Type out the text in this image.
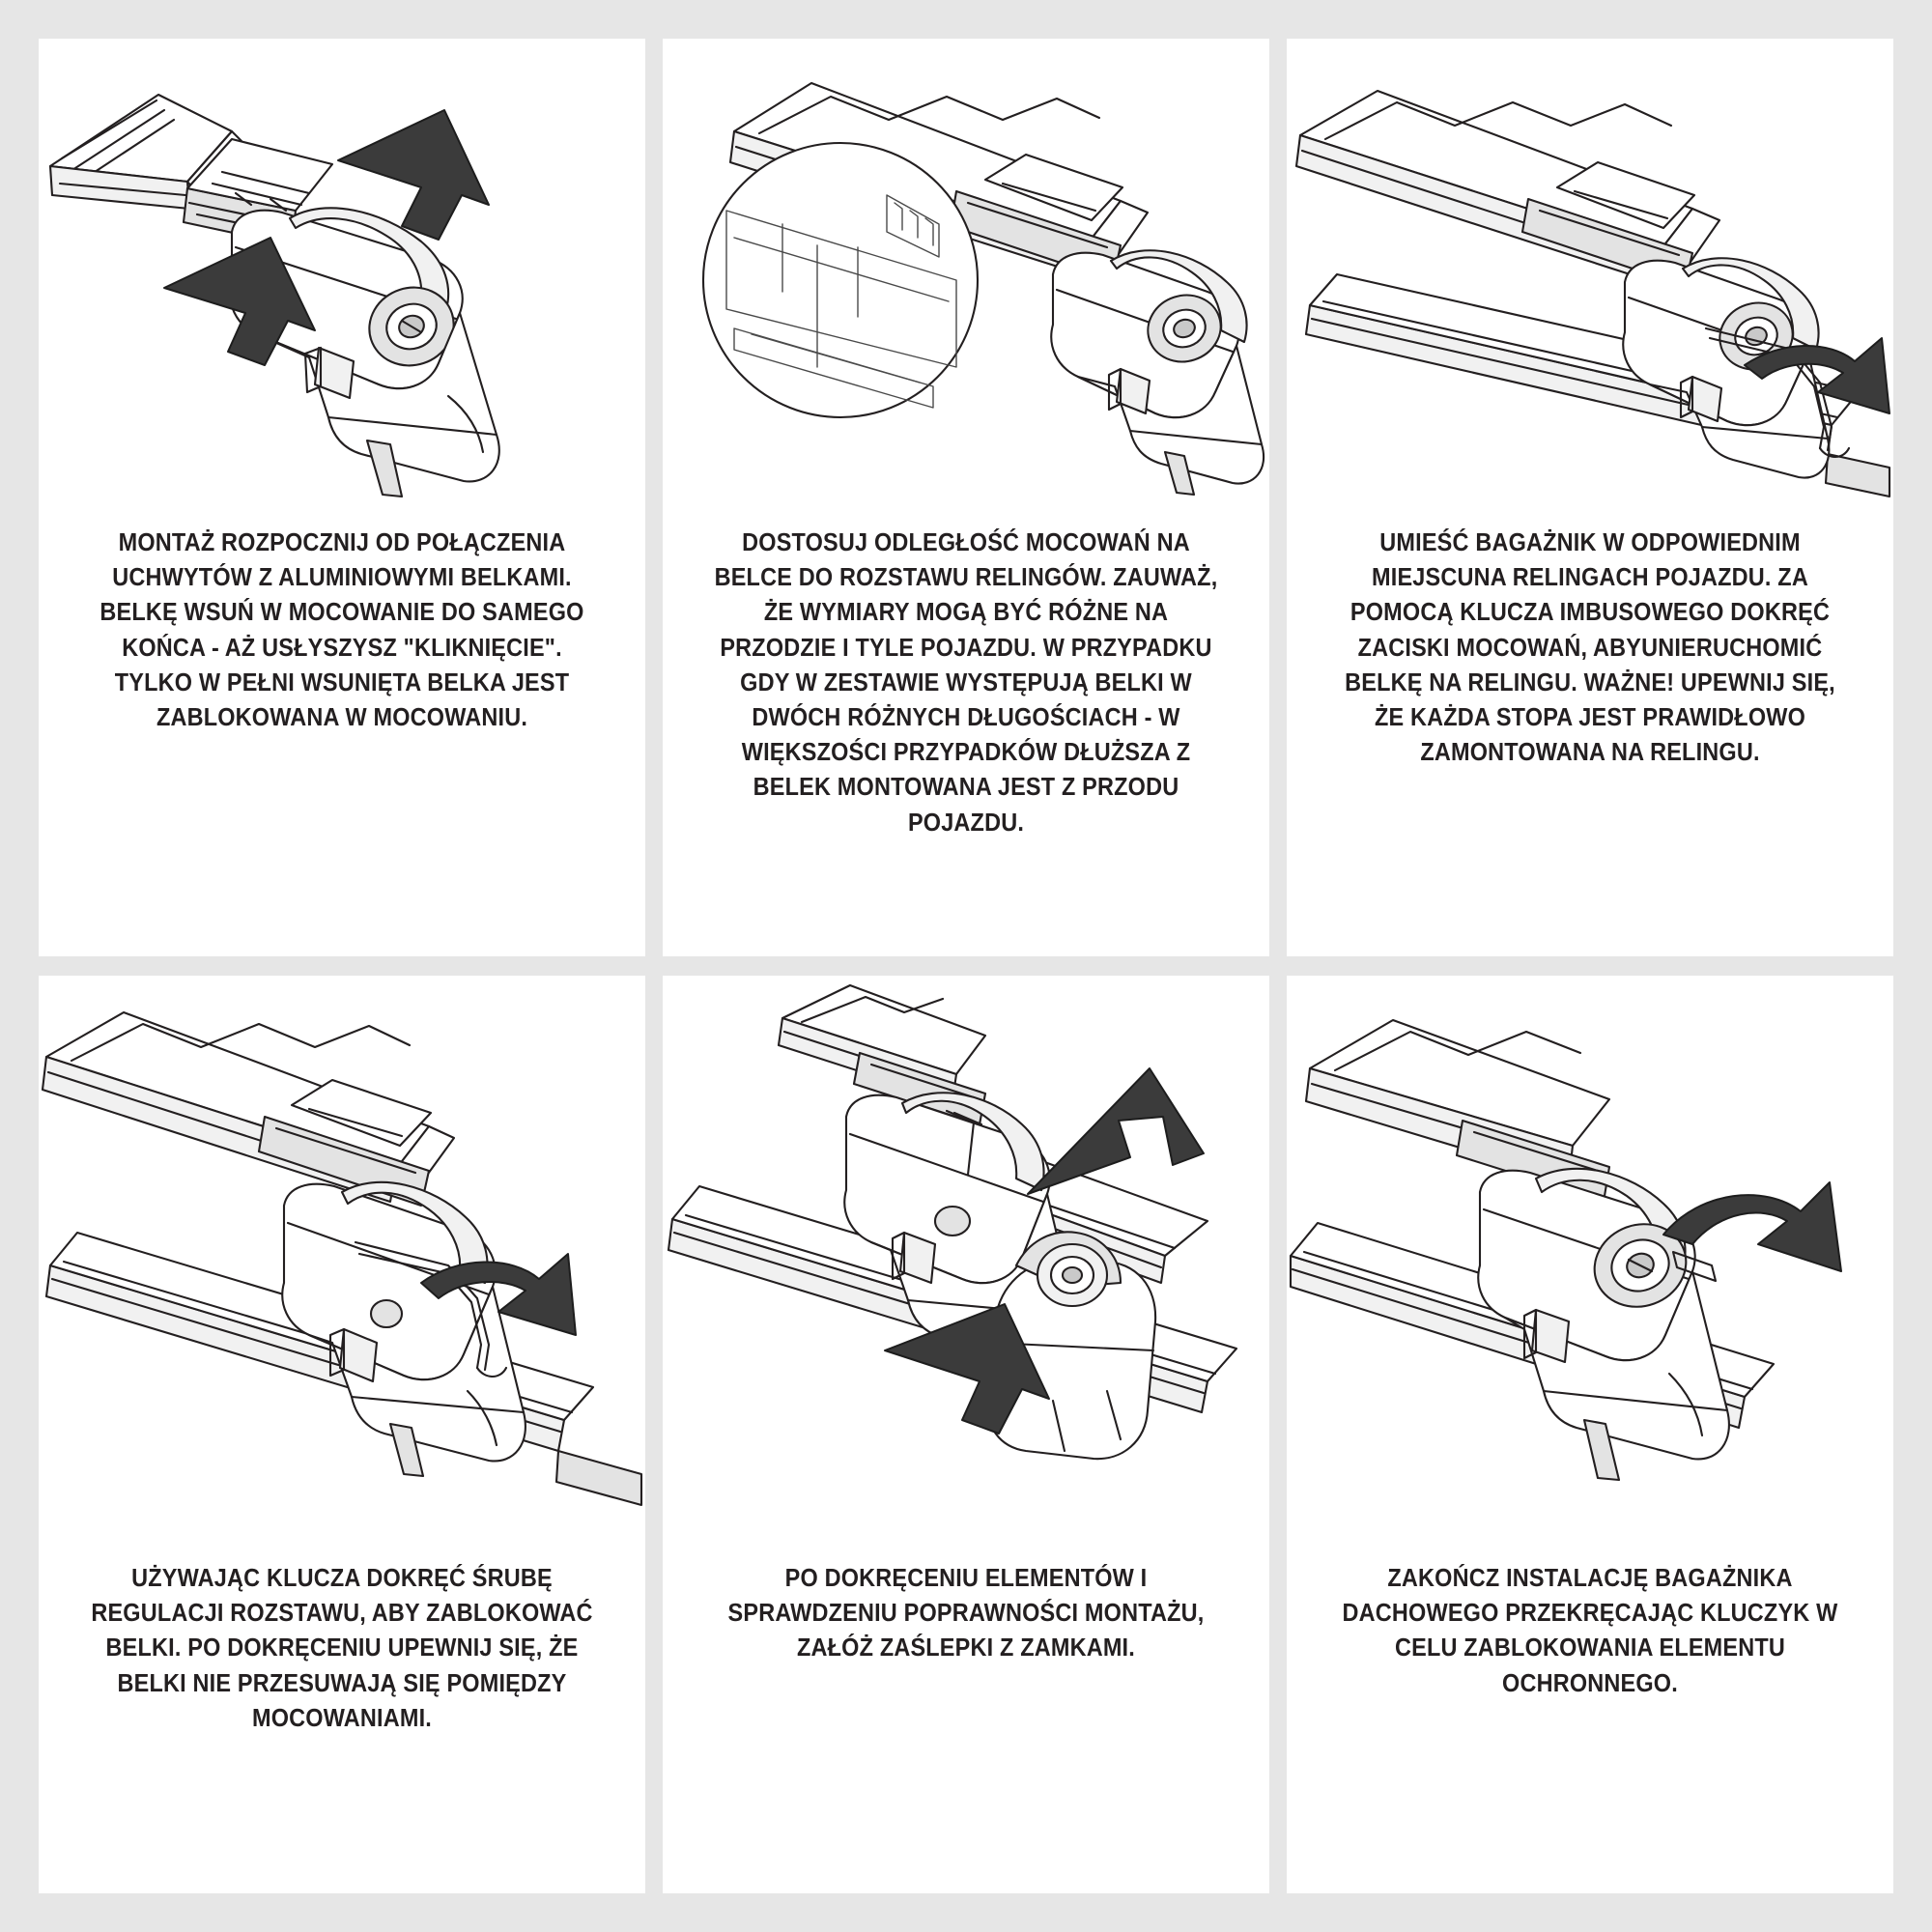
MONTAŻ ROZPOCZNIJ OD POŁĄCZENIA UCHWYTÓW Z ALUMINIOWYMI BELKAMI. BELKĘ WSUŃ W MOCOWANIE DO SAMEGO KOŃCA - AŻ USŁYSZYSZ "KLIKNIĘCIE". TYLKO W PEŁNI WSUNIĘTA BELKA JEST ZABLOKOWANA W MOCOWANIU.
DOSTOSUJ ODLEGŁOŚĆ MOCOWAŃ NA BELCE DO ROZSTAWU RELINGÓW. ZAUWAŻ, ŻE WYMIARY MOGĄ BYĆ RÓŻNE NA PRZODZIE I TYLE POJAZDU. W PRZYPADKU GDY W ZESTAWIE WYSTĘPUJĄ BELKI W DWÓCH RÓŻNYCH DŁUGOŚCIACH - W WIĘKSZOŚCI PRZYPADKÓW DŁUŻSZA Z BELEK MONTOWANA JEST Z PRZODU POJAZDU.
UMIEŚĆ BAGAŻNIK W ODPOWIEDNIM MIEJSCUNA RELINGACH POJAZDU. ZA POMOCĄ KLUCZA IMBUSOWEGO DOKRĘĆ ZACISKI MOCOWAŃ, ABYUNIERUCHOMIĆ BELKĘ NA RELINGU. WAŻNE! UPEWNIJ SIĘ, ŻE KAŻDA STOPA JEST PRAWIDŁOWO ZAMONTOWANA NA RELINGU.
UŻYWAJĄC KLUCZA DOKRĘĆ ŚRUBĘ REGULACJI ROZSTAWU, ABY ZABLOKOWAĆ BELKI. PO DOKRĘCENIU UPEWNIJ SIĘ, ŻE BELKI NIE PRZESUWAJĄ SIĘ POMIĘDZY MOCOWANIAMI.
PO DOKRĘCENIU ELEMENTÓW I SPRAWDZENIU POPRAWNOŚCI MONTAŻU, ZAŁÓŻ ZAŚLEPKI Z ZAMKAMI.
ZAKOŃCZ INSTALACJĘ BAGAŻNIKA DACHOWEGO PRZEKRĘCAJĄC KLUCZYK W CELU ZABLOKOWANIA ELEMENTU OCHRONNEGO.
